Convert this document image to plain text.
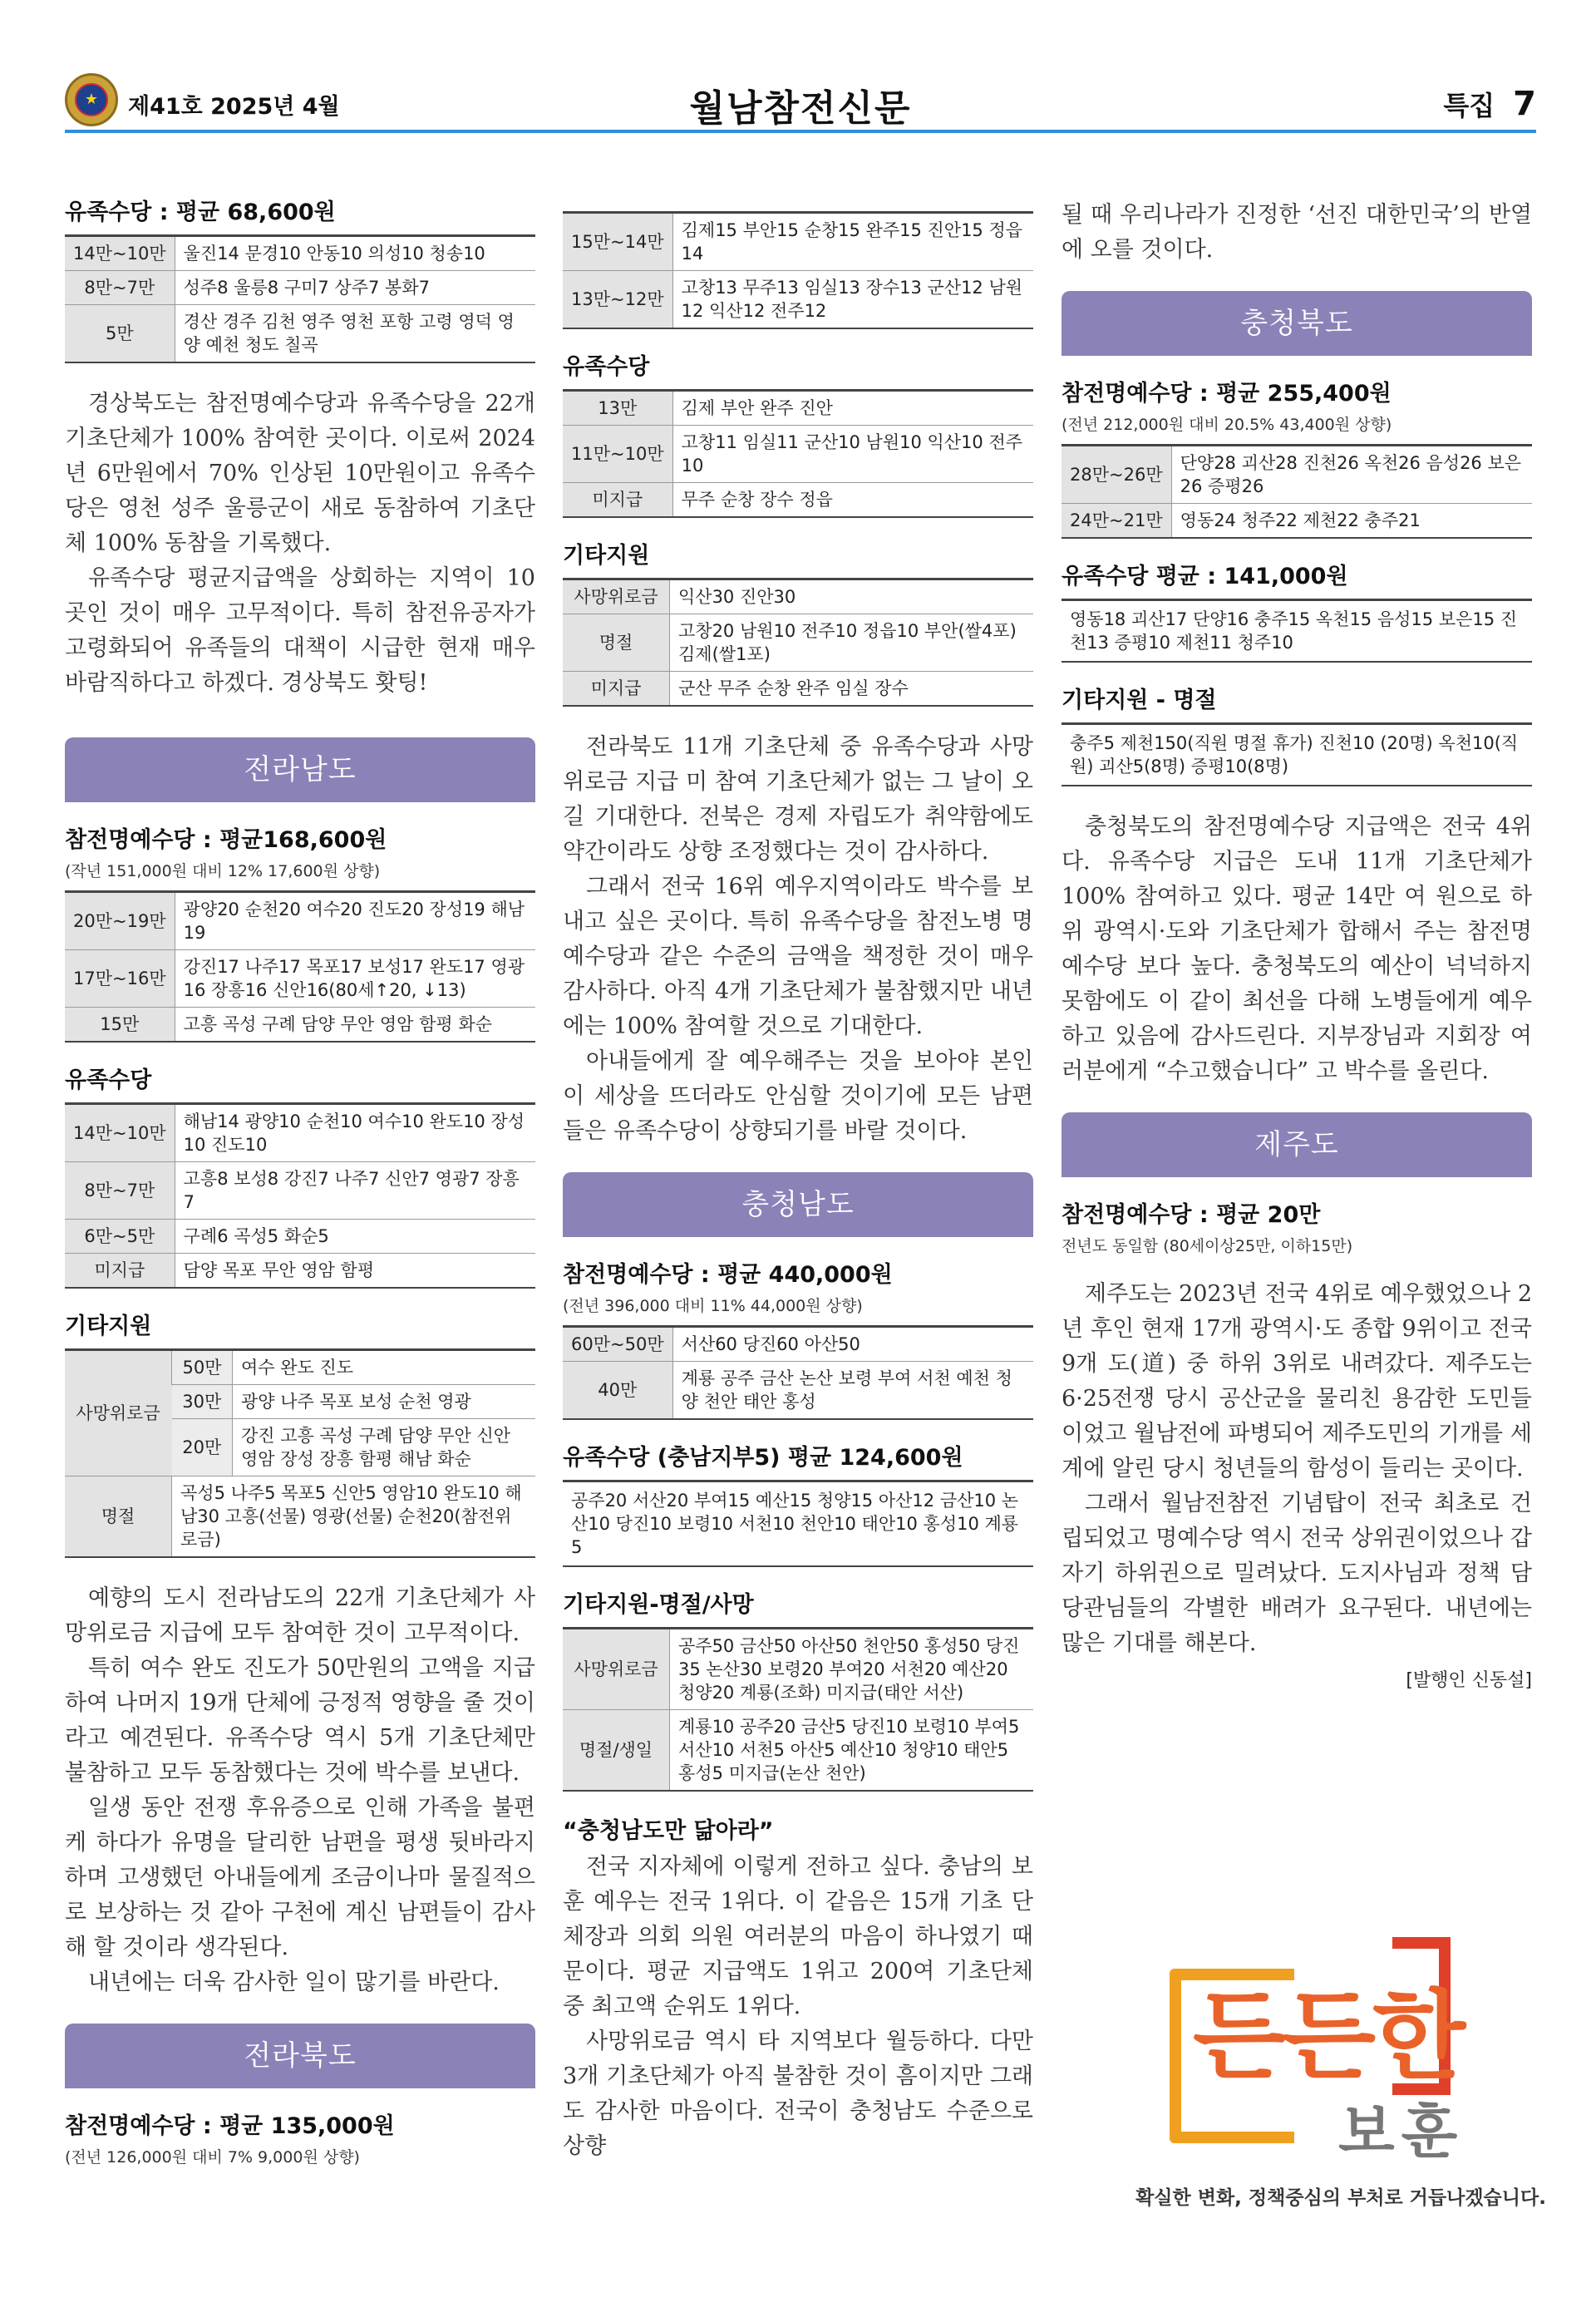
★	제41호 2025년 4월	월남참전신문	특집 7
유족수당 : 평균 68,600원
14만~10만	울진14 문경10 안동10 의성10 청송10
8만~7만	성주8 울릉8 구미7 상주7 봉화7
5만	경산 경주 김천 영주 영천 포항 고령 영덕 영양 예천 청도 칠곡

경상북도는 참전명예수당과 유족수당을 22개 기초단체가 100% 참여한 곳이다. 이로써 2024년 6만원에서 70% 인상된 10만원이고 유족수당은 영천 성주 울릉군이 새로 동참하여 기초단체 100% 동참을 기록했다.

유족수당 평균지급액을 상회하는 지역이 10곳인 것이 매우 고무적이다. 특히 참전유공자가 고령화되어 유족들의 대책이 시급한 현재 매우 바람직하다고 하겠다. 경상북도 홧팅!

전라남도
참전명예수당 : 평균168,600원
(작년 151,000원 대비 12% 17,600원 상향)
20만~19만	광양20 순천20 여수20 진도20 장성19 해남19
17만~16만	강진17 나주17 목포17 보성17 완도17 영광16 장흥16 신안16(80세↑20, ↓13)
15만	고흥 곡성 구례 담양 무안 영암 함평 화순
유족수당
14만~10만	해남14 광양10 순천10 여수10 완도10 장성10 진도10
8만~7만	고흥8 보성8 강진7 나주7 신안7 영광7 장흥7
6만~5만	구례6 곡성5 화순5
미지급	담양 목포 무안 영암 함평
기타지원
사망위로금	50만	여수 완도 진도
	30만	광양 나주 목포 보성 순천 영광
	20만	강진 고흥 곡성 구례 담양 무안 신안 영암 장성 장흥 함평 해남 화순
명절	곡성5 나주5 목포5 신안5 영암10 완도10 해남30 고흥(선물) 영광(선물) 순천20(참전위로금)	

예향의 도시 전라남도의 22개 기초단체가 사망위로금 지급에 모두 참여한 것이 고무적이다.

특히 여수 완도 진도가 50만원의 고액을 지급하여 나머지 19개 단체에 긍정적 영향을 줄 것이라고 예견된다. 유족수당 역시 5개 기초단체만 불참하고 모두 동참했다는 것에 박수를 보낸다.

일생 동안 전쟁 후유증으로 인해 가족을 불편케 하다가 유명을 달리한 남편을 평생 뒷바라지하며 고생했던 아내들에게 조금이나마 물질적으로 보상하는 것 같아 구천에 계신 남편들이 감사해 할 것이라 생각된다.

내년에는 더욱 감사한 일이 많기를 바란다.

전라북도
참전명예수당 : 평균 135,000원
(전년 126,000원 대비 7% 9,000원 상향)
15만~14만	김제15 부안15 순창15 완주15 진안15 정읍14
13만~12만	고창13 무주13 임실13 장수13 군산12 남원12 익산12 전주12
유족수당
13만	김제 부안 완주 진안
11만~10만	고창11 임실11 군산10 남원10 익산10 전주10
미지급	무주 순창 장수 정읍
기타지원
사망위로금	익산30 진안30
명절	고창20 남원10 전주10 정읍10 부안(쌀4포) 김제(쌀1포)
미지급	군산 무주 순창 완주 임실 장수

전라북도 11개 기초단체 중 유족수당과 사망위로금 지급 미 참여 기초단체가 없는 그 날이 오길 기대한다. 전북은 경제 자립도가 취약함에도 약간이라도 상향 조정했다는 것이 감사하다.

그래서 전국 16위 예우지역이라도 박수를 보내고 싶은 곳이다. 특히 유족수당을 참전노병 명예수당과 같은 수준의 금액을 책정한 것이 매우 감사하다. 아직 4개 기초단체가 불참했지만 내년에는 100% 참여할 것으로 기대한다.

아내들에게 잘 예우해주는 것을 보아야 본인이 세상을 뜨더라도 안심할 것이기에 모든 남편들은 유족수당이 상향되기를 바랄 것이다.

충청남도
참전명예수당 : 평균 440,000원
(전년 396,000 대비 11% 44,000원 상향)
60만~50만	서산60 당진60 아산50
40만	계룡 공주 금산 논산 보령 부여 서천 예천 청양 천안 태안 홍성
유족수당 (충남지부5) 평균 124,600원
공주20 서산20 부여15 예산15 청양15 아산12 금산10 논산10 당진10 보령10 서천10 천안10 태안10 홍성10 계룡5
기타지원-명절/사망
사망위로금	공주50 금산50 아산50 천안50 홍성50 당진35 논산30 보령20 부여20 서천20 예산20 청양20 계룡(조화) 미지급(태안 서산)
명절/생일	계룡10 공주20 금산5 당진10 보령10 부여5 서산10 서천5 아산5 예산10 청양10 태안5 홍성5 미지급(논산 천안)
“충청남도만 닮아라”

전국 지자체에 이렇게 전하고 싶다. 충남의 보훈 예우는 전국 1위다. 이 같음은 15개 기초 단체장과 의회 의원 여러분의 마음이 하나였기 때문이다. 평균 지급액도 1위고 200여 기초단체 중 최고액 순위도 1위다.

사망위로금 역시 타 지역보다 월등하다. 다만 3개 기초단체가 아직 불참한 것이 흠이지만 그래도 감사한 마음이다. 전국이 충청남도 수준으로 상향

될 때 우리나라가 진정한 ‘선진 대한민국’의 반열에 오를 것이다.

충청북도
참전명예수당 : 평균 255,400원
(전년 212,000원 대비 20.5% 43,400원 상향)
28만~26만	단양28 괴산28 진천26 옥천26 음성26 보은26 증평26
24만~21만	영동24 청주22 제천22 충주21
유족수당 평균 : 141,000원
영동18 괴산17 단양16 충주15 옥천15 음성15 보은15 진천13 증평10 제천11 청주10
기타지원 - 명절
충주5 제천150(직원 명절 휴가) 진천10 (20명) 옥천10(직원) 괴산5(8명) 증평10(8명)

충청북도의 참전명예수당 지급액은 전국 4위다. 유족수당 지급은 도내 11개 기초단체가 100% 참여하고 있다. 평균 14만 여 원으로 하위 광역시·도와 기초단체가 합해서 주는 참전명예수당 보다 높다. 충청북도의 예산이 넉넉하지 못함에도 이 같이 최선을 다해 노병들에게 예우하고 있음에 감사드린다. 지부장님과 지회장 여러분에게 “수고했습니다” 고 박수를 올린다.

제주도
참전명예수당 : 평균 20만
전년도 동일함 (80세이상25만, 이하15만)

제주도는 2023년 전국 4위로 예우했었으나 2년 후인 현재 17개 광역시·도 종합 9위이고 전국 9개 도(道) 중 하위 3위로 내려갔다. 제주도는 6·25전쟁 당시 공산군을 물리친 용감한 도민들이었고 월남전에 파병되어 제주도민의 기개를 세계에 알린 당시 청년들의 함성이 들리는 곳이다.

그래서 월남전참전 기념탑이 전국 최초로 건립되었고 명예수당 역시 전국 상위권이었으나 갑자기 하위권으로 밀려났다. 도지사님과 정책 담당관님들의 각별한 배려가 요구된다. 내년에는 많은 기대를 해본다.

[발행인 신동설]
든든한
보훈
확실한 변화, 정책중심의 부처로 거듭나겠습니다.
